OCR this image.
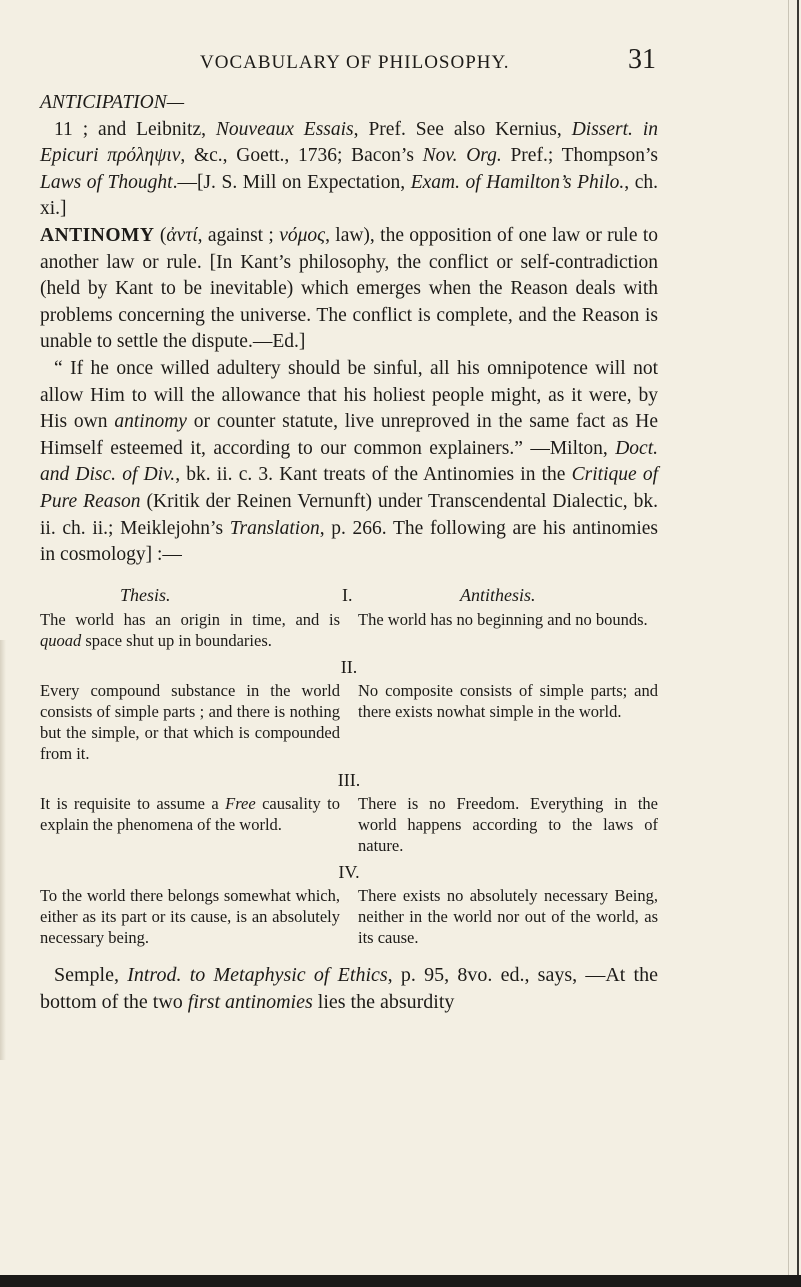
VOCABULARY OF PHILOSOPHY.	31

ANTICIPATION—

11 ; and Leibnitz, Nouveaux Essais, Pref. See also Kernius, Dissert. in Epicuri πρόληψιν, &c., Goett., 1736; Bacon’s Nov. Org. Pref.; Thompson’s Laws of Thought.—[J. S. Mill on Expectation, Exam. of Hamilton’s Philo., ch. xi.]

ANTINOMY (ἀντί, against ; νόμος, law), the opposition of one law or rule to another law or rule. [In Kant’s philosophy, the conflict or self-contradiction (held by Kant to be inevitable) which emerges when the Reason deals with problems concerning the universe. The conflict is complete, and the Reason is unable to settle the dispute.—Ed.]

“ If he once willed adultery should be sinful, all his omnipotence will not allow Him to will the allowance that his holiest people might, as it were, by His own antinomy or counter statute, live unreproved in the same fact as He Himself esteemed it, according to our common explainers.” —Milton, Doct. and Disc. of Div., bk. ii. c. 3. Kant treats of the Antinomies in the Critique of Pure Reason (Kritik der Reinen Vernunft) under Transcendental Dialectic, bk. ii. ch. ii.; Meiklejohn’s Translation, p. 266. The following are his antinomies in cosmology] :—

Thesis.	I.	Antithesis.
The world has an origin in time, and is quoad space shut up in boundaries.
The world has no beginning and no bounds.
II.
Every compound substance in the world consists of simple parts ; and there is nothing but the simple, or that which is compounded from it.
No composite consists of simple parts; and there exists nowhat simple in the world.
III.
It is requisite to assume a Free causality to explain the phenomena of the world.
There is no Freedom. Everything in the world happens according to the laws of nature.
IV.
To the world there belongs somewhat which, either as its part or its cause, is an absolutely necessary being.
There exists no absolutely necessary Being, neither in the world nor out of the world, as its cause.

Semple, Introd. to Metaphysic of Ethics, p. 95, 8vo. ed., says, —At the bottom of the two first antinomies lies the absurdity
